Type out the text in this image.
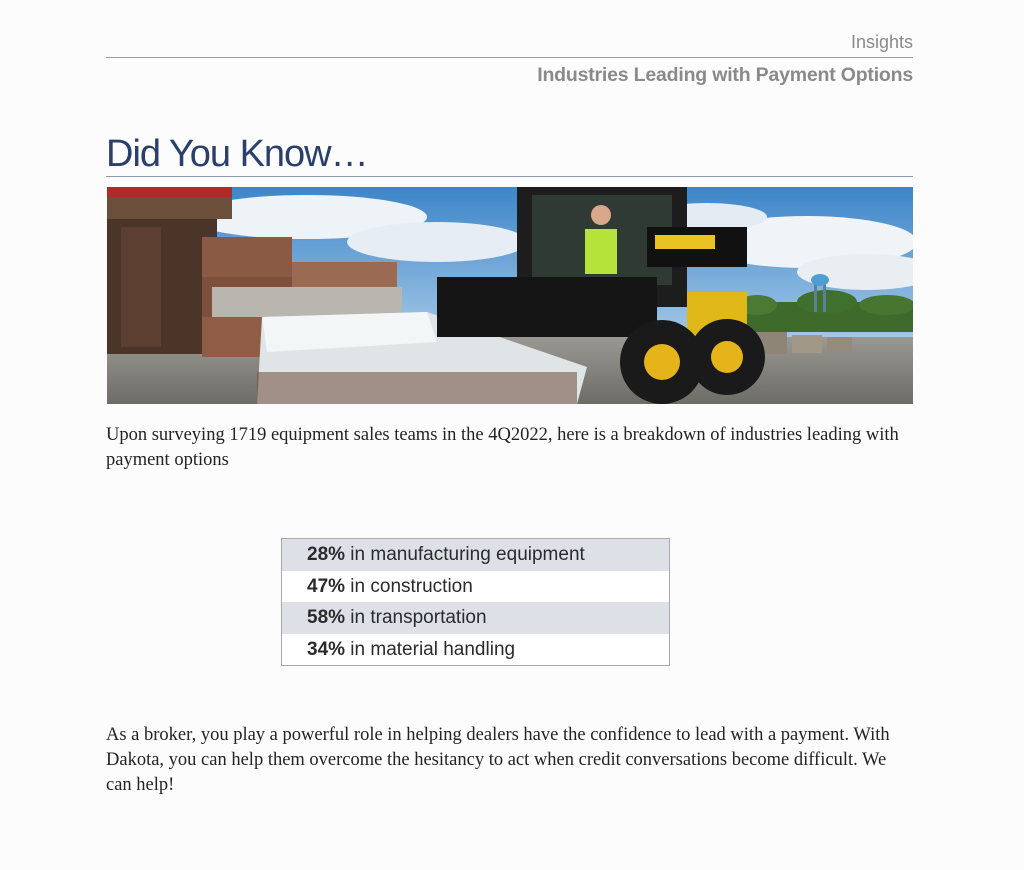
Insights
Industries Leading with Payment Options
Did You Know…
Upon surveying 1719 equipment sales teams in the 4Q2022, here is a breakdown of industries leading with payment options
28% in manufacturing equipment
47% in construction
58% in transportation
34% in material handling
As a broker, you play a powerful role in helping dealers have the confidence to lead with a payment. With Dakota, you can help them overcome the hesitancy to act when credit conversations become difficult. We can help!
